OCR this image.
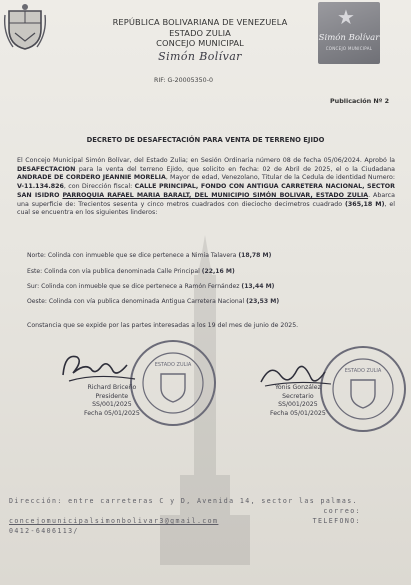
REPÚBLICA BOLIVARIANA DE VENEZUELA
ESTADO ZULIA
CONCEJO MUNICIPAL
Simón Bolívar
RIF: G-20005350-0
★
Simón Bolívar
CONCEJO MUNICIPAL
Publicación Nº 2
DECRETO DE DESAFECTACIÓN PARA VENTA DE TERRENO EJIDO
El Concejo Municipal Simón Bolívar, del Estado Zulia; en Sesión Ordinaria número 08 de fecha 05/06/2024. Aprobó la DESAFECTACION para la venta del terreno Ejido, que solicito en fecha: 02 de Abril de 2025, el o la Ciudadana ANDRADE DE CORDERO JEANNIE MORELIA, Mayor de edad, Venezolano, Titular de la Cedula de identidad Numero: V-11.134.826, con Dirección fiscal: CALLE PRINCIPAL, FONDO CON ANTIGUA CARRETERA NACIONAL, SECTOR SAN ISIDRO PARROQUIA RAFAEL MARIA BARALT, DEL MUNICIPIO SIMÓN BOLIVAR, ESTADO ZULIA. Abarca una superficie de: Trecientos sesenta y cinco metros cuadrados con dieciocho decimetros cuadrado (365,18 M), el cual se encuentra en los siguientes linderos:
Norte: Colinda con inmueble que se dice pertenece a Nimia Talavera (18,78 M)
Este: Colinda con vía publica denominada Calle Principal (22,16 M)
Sur: Colinda con inmueble que se dice pertenece a Ramón Fernández (13,44 M)
Oeste: Colinda con vía publica denominada Antigua Carretera Nacional (23,53 M)
Constancia que se expide por las partes interesadas a los 19 del mes de junio de 2025.
ESTADO ZULIA
Richard Briceño
Presidente
SS/001/2025
Fecha 05/01/2025
ESTADO ZULIA
Yonis González
Secretario
SS/001/2025
Fecha 05/01/2025
Dirección: entre carreteras C y D, Avenida 14, sector las palmas.
correo:
concejomunicipalsimonbolivar3@gmail.com	TELEFONO:
0412-6406113/
